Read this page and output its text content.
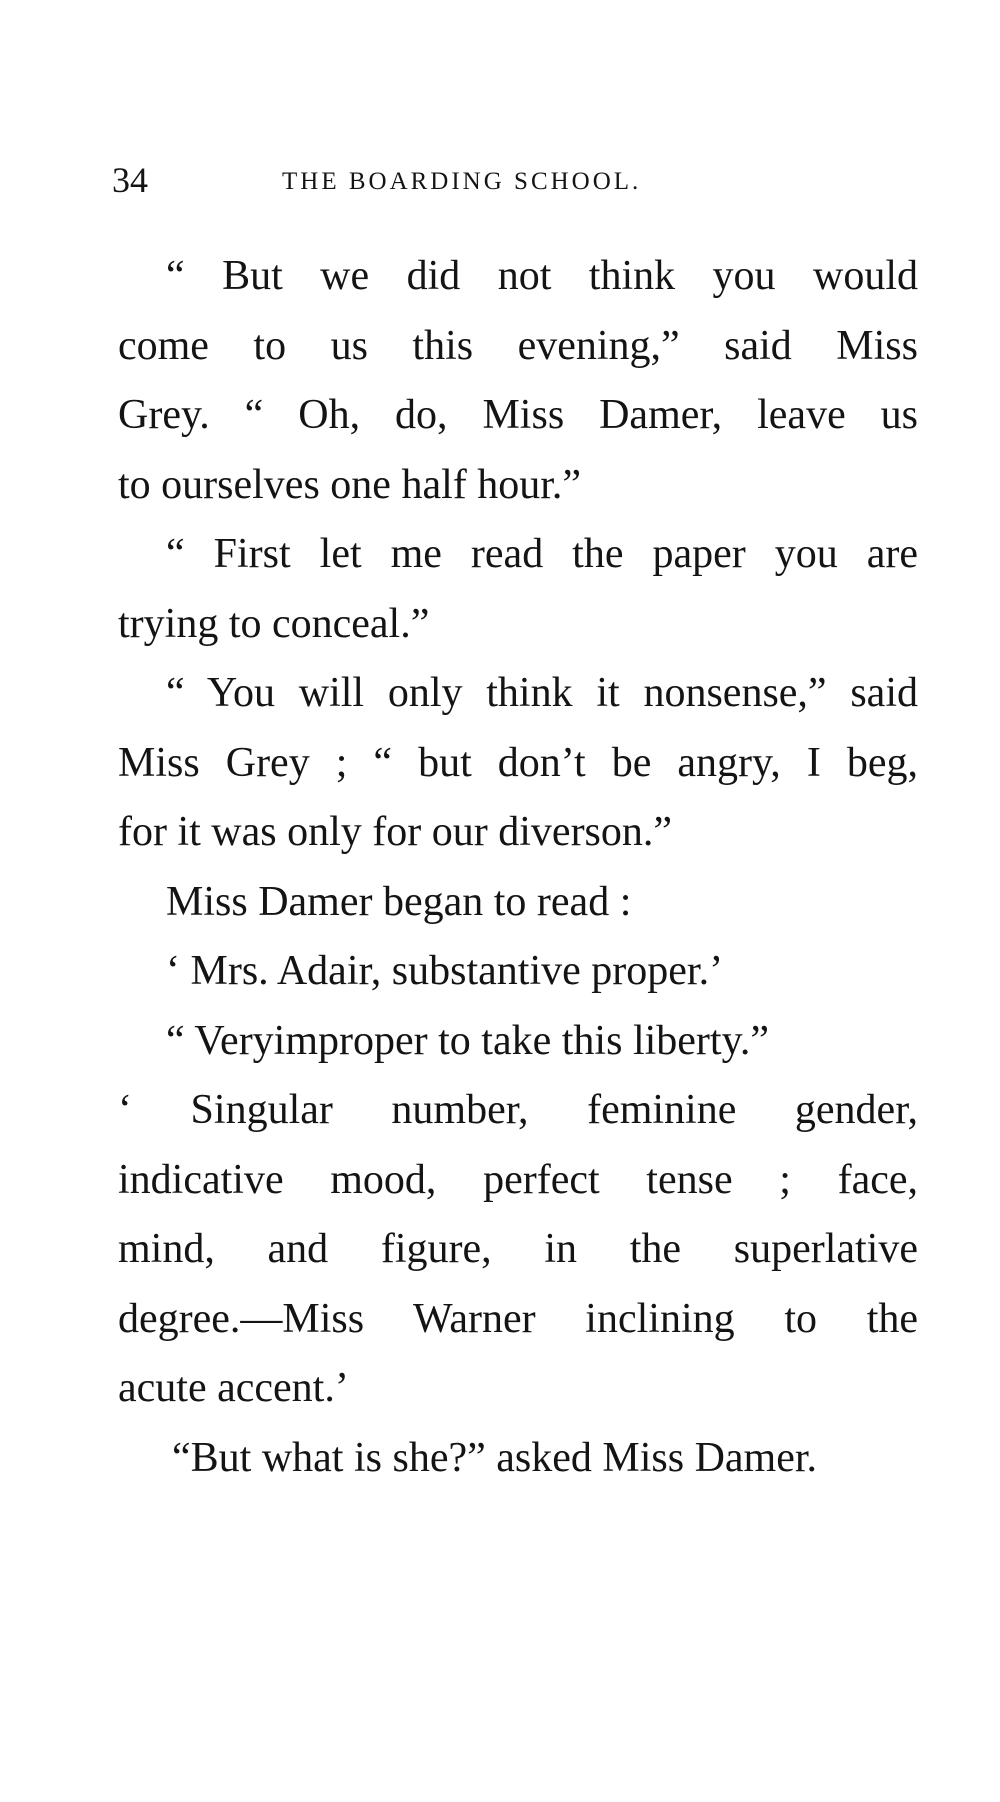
34	THE BOARDING SCHOOL.
“ But we did not think you would
come to us this evening,” said Miss
Grey. “ Oh, do, Miss Damer, leave us
to ourselves one half hour.”
“ First let me read the paper you are
trying to conceal.”
“ You will only think it nonsense,” said
Miss Grey ; “ but don’t be angry, I beg,
for it was only for our diverson.”
Miss Damer began to read :
‘ Mrs. Adair, substantive proper.’
“ Veryimproper to take this liberty.”
‘ Singular number, feminine gender,
indicative mood, perfect tense ; face,
mind, and figure, in the superlative
degree.—Miss Warner inclining to the
acute accent.’
“But what is she?” asked Miss Damer.
